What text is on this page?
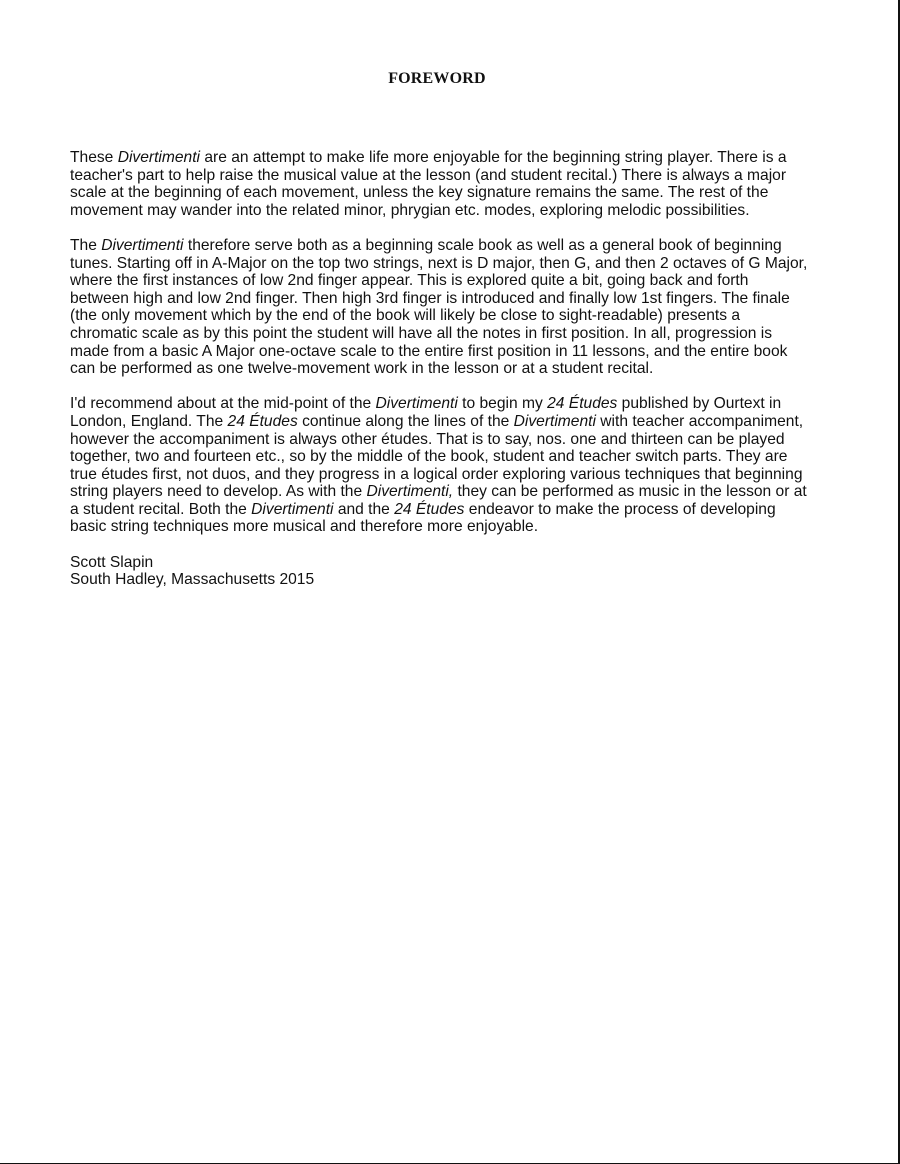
FOREWORD

These Divertimenti are an attempt to make life more enjoyable for the beginning string player. There is a teacher's part to help raise the musical value at the lesson (and student recital.) There is always a major scale at the beginning of each movement, unless the key signature remains the same. The rest of the movement may wander into the related minor, phrygian etc. modes, exploring melodic possibilities.

The Divertimenti therefore serve both as a beginning scale book as well as a general book of beginning tunes. Starting off in A-Major on the top two strings, next is D major, then G, and then 2 octaves of G Major, where the first instances of low 2nd finger appear. This is explored quite a bit, going back and forth between high and low 2nd finger. Then high 3rd finger is introduced and finally low 1st fingers. The finale (the only movement which by the end of the book will likely be close to sight-readable) presents a chromatic scale as by this point the student will have all the notes in first position. In all, progression is made from a basic A Major one-octave scale to the entire first position in 11 lessons, and the entire book can be performed as one twelve-movement work in the lesson or at a student recital.

I'd recommend about at the mid-point of the Divertimenti to begin my 24 Études published by Ourtext in London, England. The 24 Études continue along the lines of the Divertimenti with teacher accompaniment, however the accompaniment is always other études. That is to say, nos. one and thirteen can be played together, two and fourteen etc., so by the middle of the book, student and teacher switch parts. They are true études first, not duos, and they progress in a logical order exploring various techniques that beginning string players need to develop. As with the Divertimenti, they can be performed as music in the lesson or at a student recital. Both the Divertimenti and the 24 Études endeavor to make the process of developing basic string techniques more musical and therefore more enjoyable.

Scott Slapin

South Hadley, Massachusetts 2015
